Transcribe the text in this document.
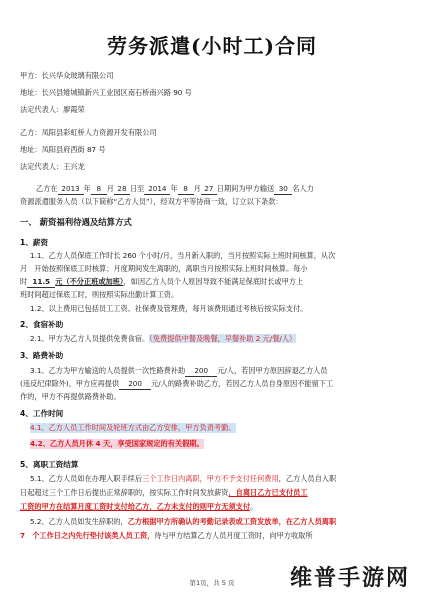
劳务派遣(小时工)合同
甲方：长兴华众玻璃有限公司
地址：长兴县雉城镇新兴工业园区南石桥南兴路 90 号
法定代表人：廖霞荣
乙方：凤阳县彩虹桥人力资源开发有限公司
地址：凤阳县府西街 87 号
法定代表人：王兴龙
乙方在 2013 年 8 月 28 日至 2014 年 8 月 27 日期间为甲方输送 30 名人力
资源派遣服务人员（以下简称“乙方人员”），经双方平等协商一致，订立以下条款：
一、 薪资福利待遇及结算方式
1、薪资
1.1、乙方人员保底工作时长 260 个小时/月，当月新入职的，当月按照实际上班时间核算，从次
月　开始按照保底工时核算；月度期间发生离职的，离职当月按照实际上班时间核算。每小
时 11.5 元（不分正班或加班），如因乙方人员个人原因导致不能满足保底时长或甲方上
班时间超过保底工时，则按照实际出勤计算工资。
1.2、以上费用已包括员工工资、社保费及管理费，每月该费用通过考核后按实际支付。
2、食宿补助
2.1、甲方为乙方人员提供免费食宿。（免费提供中餐及晚餐，早餐补助 2 元/餐/人）
3、路费补助
3.1、乙方为甲方输送的人员提供一次性路费补助 200 元/人，若因甲方原因辞退乙方人员
(违反纪律除外)，甲方应再提供 200 元/人的路费补助乙方，若因乙方人员自身原因不能留下工
作的，甲方不再提供路费补助。
4、工作时间
4.1、乙方人员工作时间及轮班方式由乙方安排，甲方负责考勤。
4.2、乙方人员月休 4 天，享受国家规定的有关假期。
5、离职工资结算
5.1、乙方人员如在办理入职手续后三个工作日内离职，甲方不予支付任何费用，乙方人员自入职
日起超过三个工作日后提出正常辞职的，按实际工作时间发放薪资，自离日乙方已支付员工
工资的甲方在结算月度工资时支付给乙方，乙方未支付的则甲方无须支付。
5.2、乙方人员如发生辞职的，乙方根据甲方所确认的考勤记录表或工资发放单，在乙方人员离职
7　个工作日之内先行垫付该类人员工资，待与甲方结算乙方人员月度工资时，向甲方收取所
第1页，共 5 页	维普手游网
